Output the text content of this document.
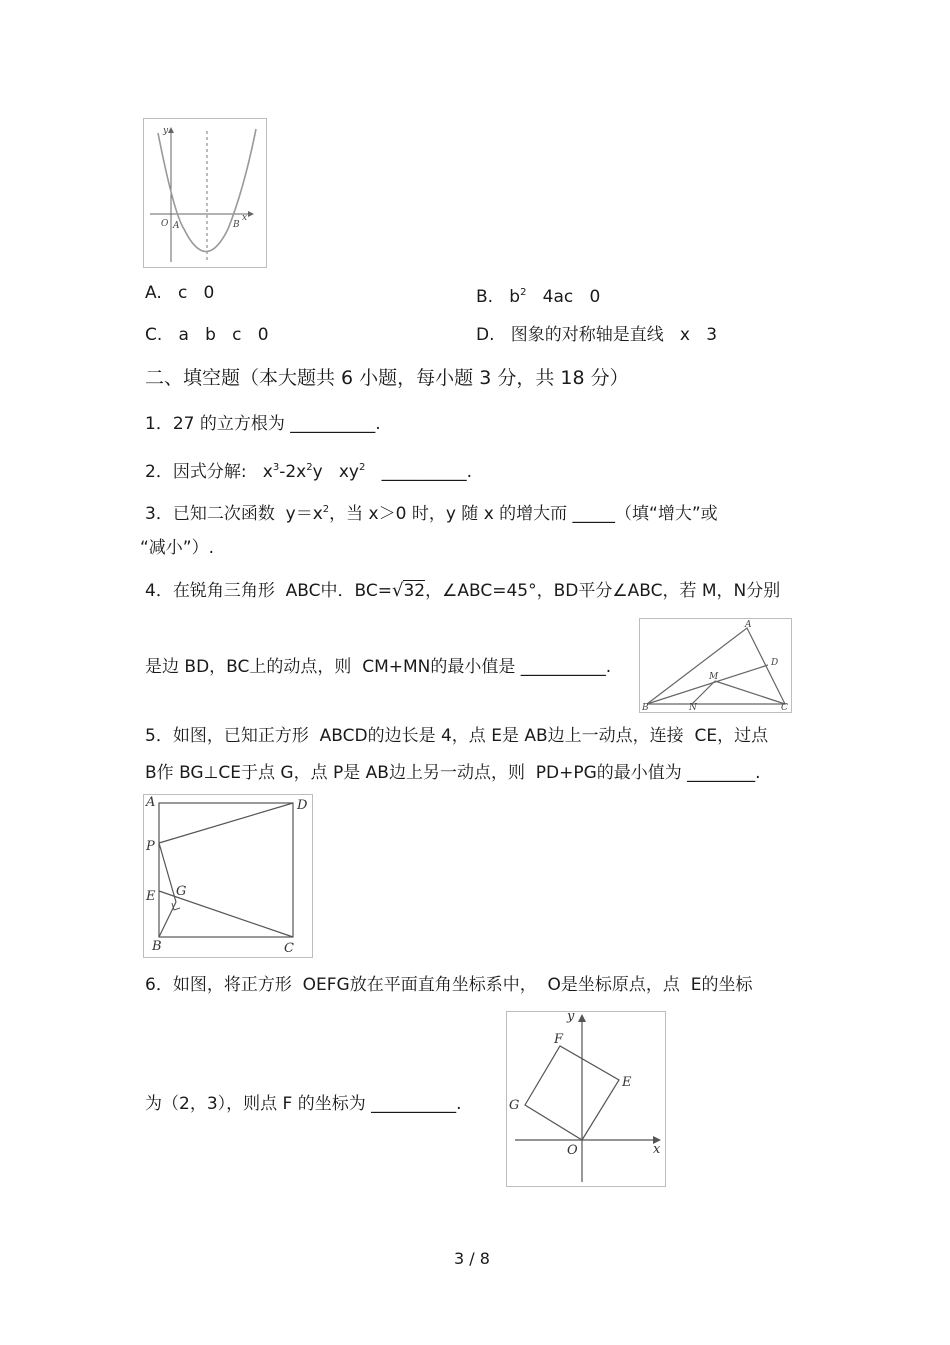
y
x
O A	B
A. c   0	B. $b^2$   4ac   0
C. a   b   c   0	D. 图象的对称轴是直线   x   3
二、填空题（本大题共 6 小题，每小题 3 分，共 18 分）
1．27 的立方根为 __________.
2．因式分解:   $x^3-2x^2y$   $xy^2$   __________.
3．已知二次函数  $y=x^2$，当 x＞0 时，y 随 x 的增大而 _____（填“增大”或
“减小”）.
4．在锐角三角形  ABC中．BC=√32，∠ABC=45°，BD平分∠ABC，若 M，N分别
是边 BD，BC上的动点，则  CM+MN的最小值是 __________.
A
B	C
D
M
N
5．如图，已知正方形  ABCD的边长是 4，点 E是 AB边上一动点，连接  CE，过点
B作 BG⊥CE于点 G，点 P是 AB边上另一动点，则  PD+PG的最小值为 ________.
A	D
P
E G
B	C
6．如图，将正方形  OEFG放在平面直角坐标系中，  O是坐标原点，点  E的坐标
为（2，3），则点 F 的坐标为 __________.
y
x
O
E
F
G
3 / 8
